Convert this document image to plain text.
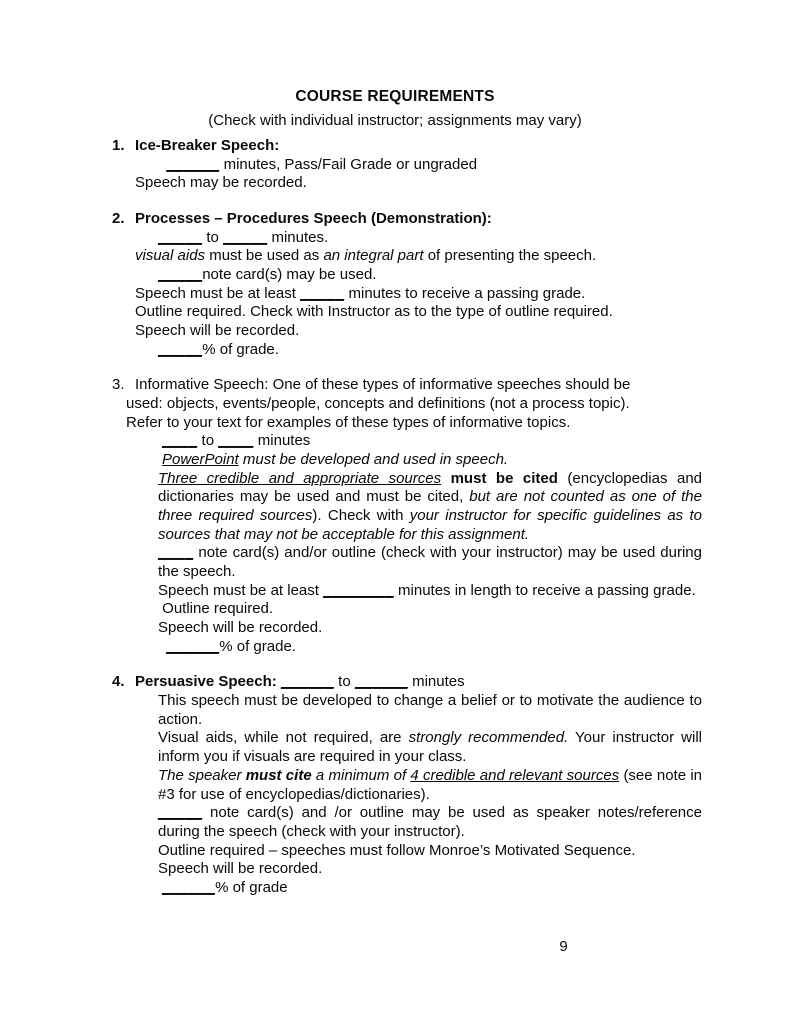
COURSE REQUIREMENTS
(Check with individual instructor; assignments may vary)
1. Ice-Breaker Speech:
______ minutes, Pass/Fail Grade or ungraded
Speech may be recorded.
2. Processes – Procedures Speech (Demonstration):
_____ to _____ minutes.
visual aids must be used as an integral part of presenting the speech.
_____note card(s) may be used.
Speech must be at least _____ minutes to receive a passing grade.
Outline required. Check with Instructor as to the type of outline required.
Speech will be recorded.
_____% of grade.
3. Informative Speech: One of these types of informative speeches should be
used: objects, events/people, concepts and definitions (not a process topic).
Refer to your text for examples of these types of informative topics.
____ to ____ minutes
PowerPoint must be developed and used in speech.
Three credible and appropriate sources must be cited (encyclopedias and dictionaries may be used and must be cited, but are not counted as one of the three required sources). Check with your instructor for specific guidelines as to sources that may not be acceptable for this assignment.
____ note card(s) and/or outline (check with your instructor) may be used during the speech.
Speech must be at least ________ minutes in length to receive a passing grade.
Outline required.
Speech will be recorded.
______% of grade.
4. Persuasive Speech: ______ to ______ minutes
This speech must be developed to change a belief or to motivate the audience to action.
Visual aids, while not required, are strongly recommended. Your instructor will inform you if visuals are required in your class.
The speaker must cite a minimum of 4 credible and relevant sources (see note in #3 for use of encyclopedias/dictionaries).
_____ note card(s) and /or outline may be used as speaker notes/reference during the speech (check with your instructor).
Outline required – speeches must follow Monroe’s Motivated Sequence.
Speech will be recorded.
______% of grade
9
